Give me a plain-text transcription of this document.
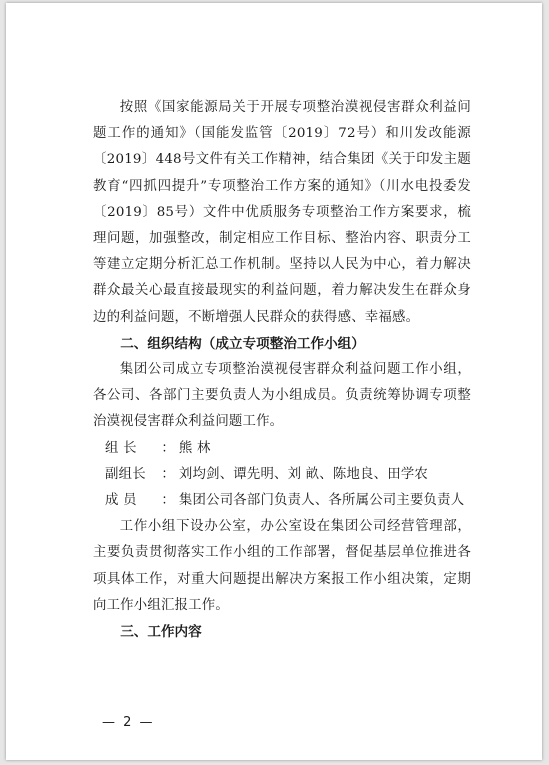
按照《国家能源局关于开展专项整治漠视侵害群众利益问题工作的通知》（国能发监管〔2019〕72号）和川发改能源〔2019〕448号文件有关工作精神，结合集团《关于印发主题教育“四抓四提升”专项整治工作方案的通知》（川水电投委发〔2019〕85号）文件中优质服务专项整治工作方案要求，梳理问题，加强整改，制定相应工作目标、整治内容、职责分工等建立定期分析汇总工作机制。坚持以人民为中心，着力解决群众最关心最直接最现实的利益问题，着力解决发生在群众身边的利益问题，不断增强人民群众的获得感、幸福感。

二、组织结构（成立专项整治工作小组）

集团公司成立专项整治漠视侵害群众利益问题工作小组，各公司、各部门主要负责人为小组成员。负责统筹协调专项整治漠视侵害群众利益问题工作。

组 长 ： 熊 林

副组长 ： 刘均剑、谭先明、刘 畝、陈地良、田学农

成 员 ： 集团公司各部门负责人、各所属公司主要负责人

工作小组下设办公室，办公室设在集团公司经营管理部，主要负责贯彻落实工作小组的工作部署，督促基层单位推进各项具体工作，对重大问题提出解决方案报工作小组决策，定期向工作小组汇报工作。

三、工作内容
— 2 —
